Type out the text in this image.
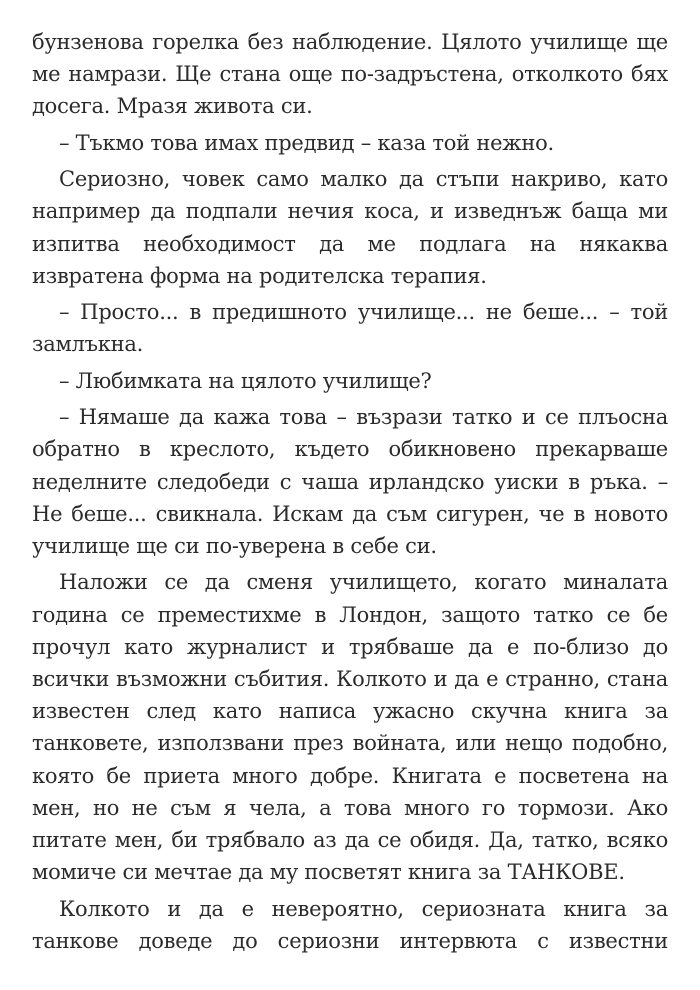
бунзенова горелка без наблюдение. Цялото училище ще ме намрази. Ще стана още по-задръстена, отколкото бях досега. Мразя живота си.

– Тъкмо това имах предвид – каза той нежно.

Сериозно, човек само малко да стъпи накриво, като например да подпали нечия коса, и изведнъж баща ми изпитва необходимост да ме подлага на някаква извратена форма на родителска терапия.

– Просто... в предишното училище... не беше... – той замлъкна.

– Любимката на цялото училище?

– Нямаше да кажа това – възрази татко и се плъосна обратно в креслото, където обикновено прекарваше неделните следобеди с чаша ирландско уиски в ръка. – Не беше... свикнала. Искам да съм сигурен, че в новото училище ще си по-уверена в себе си.

Наложи се да сменя училището, когато миналата година се преместихме в Лондон, защото татко се бе прочул като журналист и трябваше да е по-близо до всички възможни събития. Колкото и да е странно, стана известен след като написа ужасно скучна книга за танковете, използвани през войната, или нещо подобно, която бе приета много добре. Книгата е посветена на мен, но не съм я чела, а това много го тормози. Ако питате мен, би трябвало аз да се обидя. Да, татко, всяко момиче си мечтае да му посветят книга за ТАНКОВЕ.

Колкото и да е невероятно, сериозната книга за танкове доведе до сериозни интервюта с известни
